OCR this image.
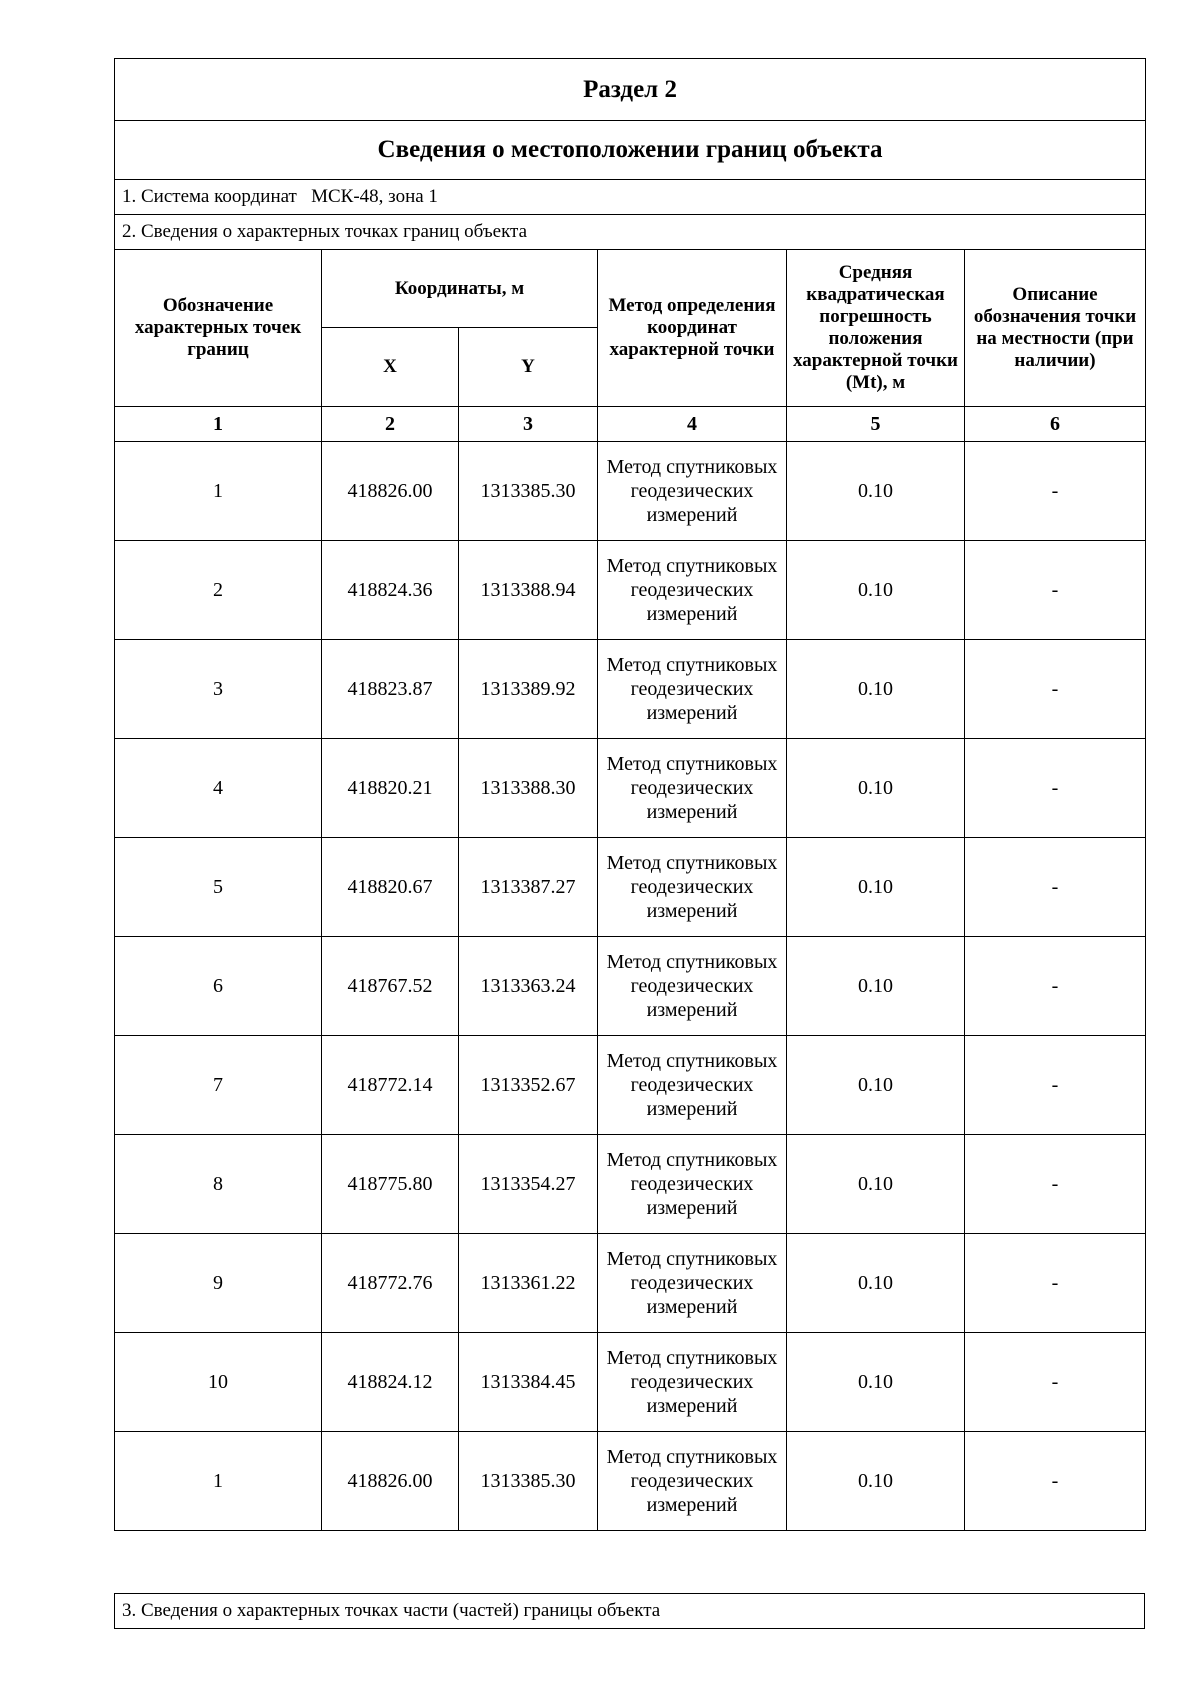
Раздел 2					
Сведения о местоположении границ объекта					
1. Система координат МСК-48, зона 1					
2. Сведения о характерных точках границ объекта					
Обозначение характерных точек границ	Координаты, м		Метод определения координат характерной точки	Средняя квадратическая погрешность положения характерной точки (Mt), м	Описание обозначения точки на местности (при наличии)
	X	Y			
1	2	3	4	5	6
1	418826.00	1313385.30	Метод спутниковых геодезических измерений	0.10	-
2	418824.36	1313388.94	Метод спутниковых геодезических измерений	0.10	-
3	418823.87	1313389.92	Метод спутниковых геодезических измерений	0.10	-
4	418820.21	1313388.30	Метод спутниковых геодезических измерений	0.10	-
5	418820.67	1313387.27	Метод спутниковых геодезических измерений	0.10	-
6	418767.52	1313363.24	Метод спутниковых геодезических измерений	0.10	-
7	418772.14	1313352.67	Метод спутниковых геодезических измерений	0.10	-
8	418775.80	1313354.27	Метод спутниковых геодезических измерений	0.10	-
9	418772.76	1313361.22	Метод спутниковых геодезических измерений	0.10	-
10	418824.12	1313384.45	Метод спутниковых геодезических измерений	0.10	-
1	418826.00	1313385.30	Метод спутниковых геодезических измерений	0.10	-
3. Сведения о характерных точках части (частей) границы объекта
